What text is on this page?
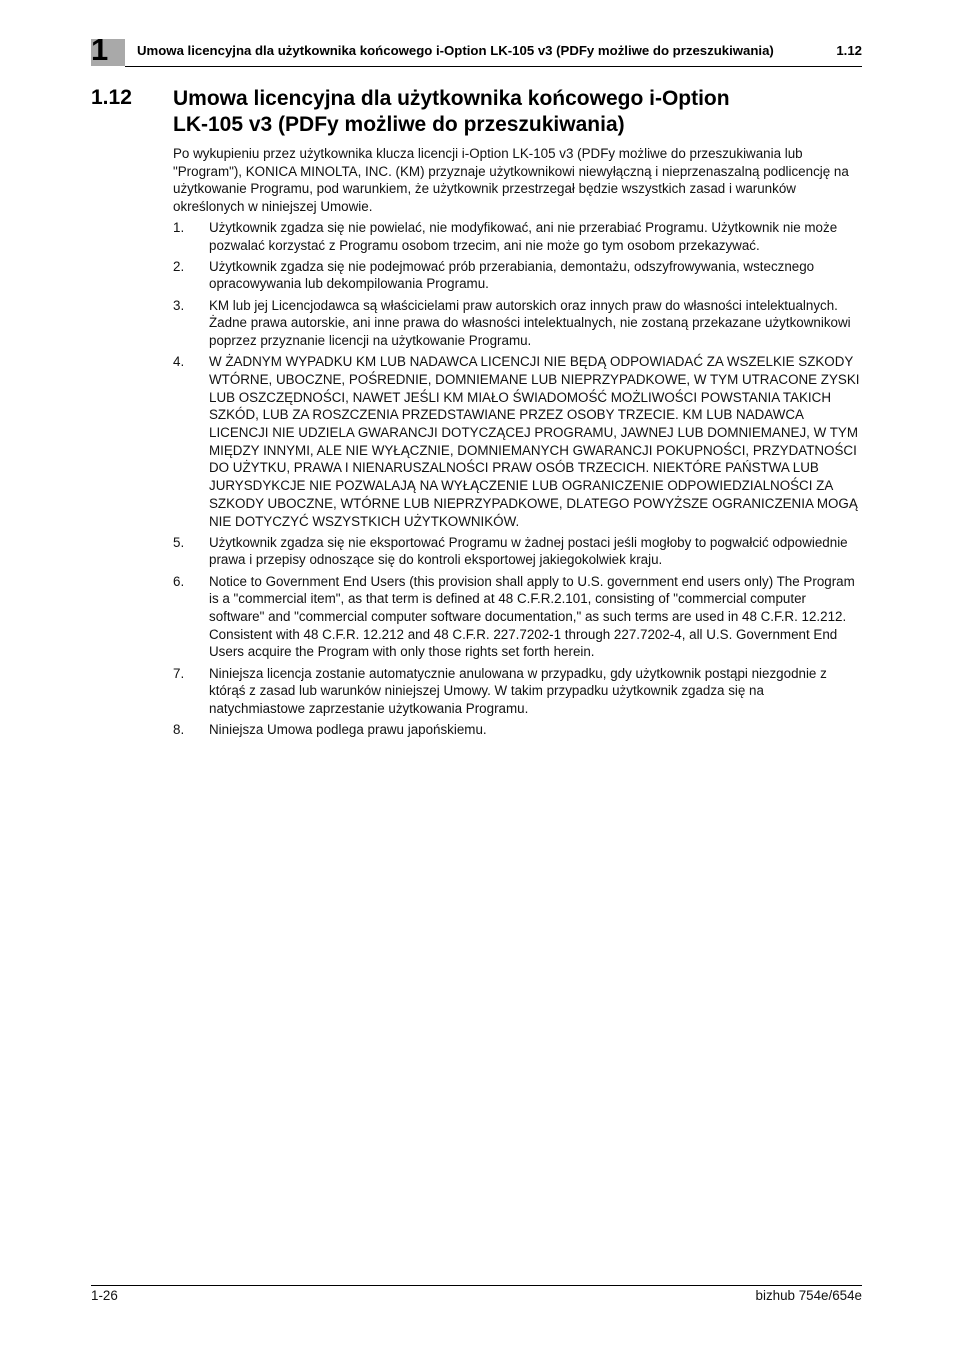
1 Umowa licencyjna dla użytkownika końcowego i-Option LK-105 v3 (PDFy możliwe do przeszukiwania)	1.12
1.12 Umowa licencyjna dla użytkownika końcowego i-Option
LK-105 v3 (PDFy możliwe do przeszukiwania)

Po wykupieniu przez użytkownika klucza licencji i-Option LK-105 v3 (PDFy możliwe do przeszukiwania lub "Program"), KONICA MINOLTA, INC. (KM) przyznaje użytkownikowi niewyłączną i nieprzenaszalną podlicencję na użytkowanie Programu, pod warunkiem, że użytkownik przestrzegał będzie wszystkich zasad i warunków określonych w niniejszej Umowie.

1. Użytkownik zgadza się nie powielać, nie modyfikować, ani nie przerabiać Programu. Użytkownik nie może pozwalać korzystać z Programu osobom trzecim, ani nie może go tym osobom przekazywać.
2. Użytkownik zgadza się nie podejmować prób przerabiania, demontażu, odszyfrowywania, wstecznego opracowywania lub dekompilowania Programu.
3. KM lub jej Licencjodawca są właścicielami praw autorskich oraz innych praw do własności intelektualnych. Żadne prawa autorskie, ani inne prawa do własności intelektualnych, nie zostaną przekazane użytkownikowi poprzez przyznanie licencji na użytkowanie Programu.
4. W ŻADNYM WYPADKU KM LUB NADAWCA LICENCJI NIE BĘDĄ ODPOWIADAĆ ZA WSZELKIE SZKODY WTÓRNE, UBOCZNE, POŚREDNIE, DOMNIEMANE LUB NIEPRZYPADKOWE, W TYM UTRACONE ZYSKI LUB OSZCZĘDNOŚCI, NAWET JEŚLI KM MIAŁO ŚWIADOMOŚĆ MOŻLIWOŚCI POWSTANIA TAKICH SZKÓD, LUB ZA ROSZCZENIA PRZEDSTAWIANE PRZEZ OSOBY TRZECIE. KM LUB NADAWCA LICENCJI NIE UDZIELA GWARANCJI DOTYCZĄCEJ PROGRAMU, JAWNEJ LUB DOMNIEMANEJ, W TYM MIĘDZY INNYMI, ALE NIE WYŁĄCZNIE, DOMNIEMANYCH GWARANCJI POKUPNOŚCI, PRZYDATNOŚCI DO UŻYTKU, PRAWA I NIENARUSZALNOŚCI PRAW OSÓB TRZECICH. NIEKTÓRE PAŃSTWA LUB JURYSDYKCJE NIE POZWALAJĄ NA WYŁĄCZENIE LUB OGRANICZENIE ODPOWIEDZIALNOŚCI ZA SZKODY UBOCZNE, WTÓRNE LUB NIEPRZYPADKOWE, DLATEGO POWYŻSZE OGRANICZENIA MOGĄ NIE DOTYCZYĆ WSZYSTKICH UŻYTKOWNIKÓW.
5. Użytkownik zgadza się nie eksportować Programu w żadnej postaci jeśli mogłoby to pogwałcić odpowiednie prawa i przepisy odnoszące się do kontroli eksportowej jakiegokolwiek kraju.
6. Notice to Government End Users (this provision shall apply to U.S. government end users only) The Program is a "commercial item", as that term is defined at 48 C.F.R.2.101, consisting of "commercial computer software" and "commercial computer software documentation," as such terms are used in 48 C.F.R. 12.212. Consistent with 48 C.F.R. 12.212 and 48 C.F.R. 227.7202-1 through 227.7202-4, all U.S. Government End Users acquire the Program with only those rights set forth herein.
7. Niniejsza licencja zostanie automatycznie anulowana w przypadku, gdy użytkownik postąpi niezgodnie z którąś z zasad lub warunków niniejszej Umowy. W takim przypadku użytkownik zgadza się na natychmiastowe zaprzestanie użytkowania Programu.
8. Niniejsza Umowa podlega prawu japońskiemu.
1-26	bizhub 754e/654e
